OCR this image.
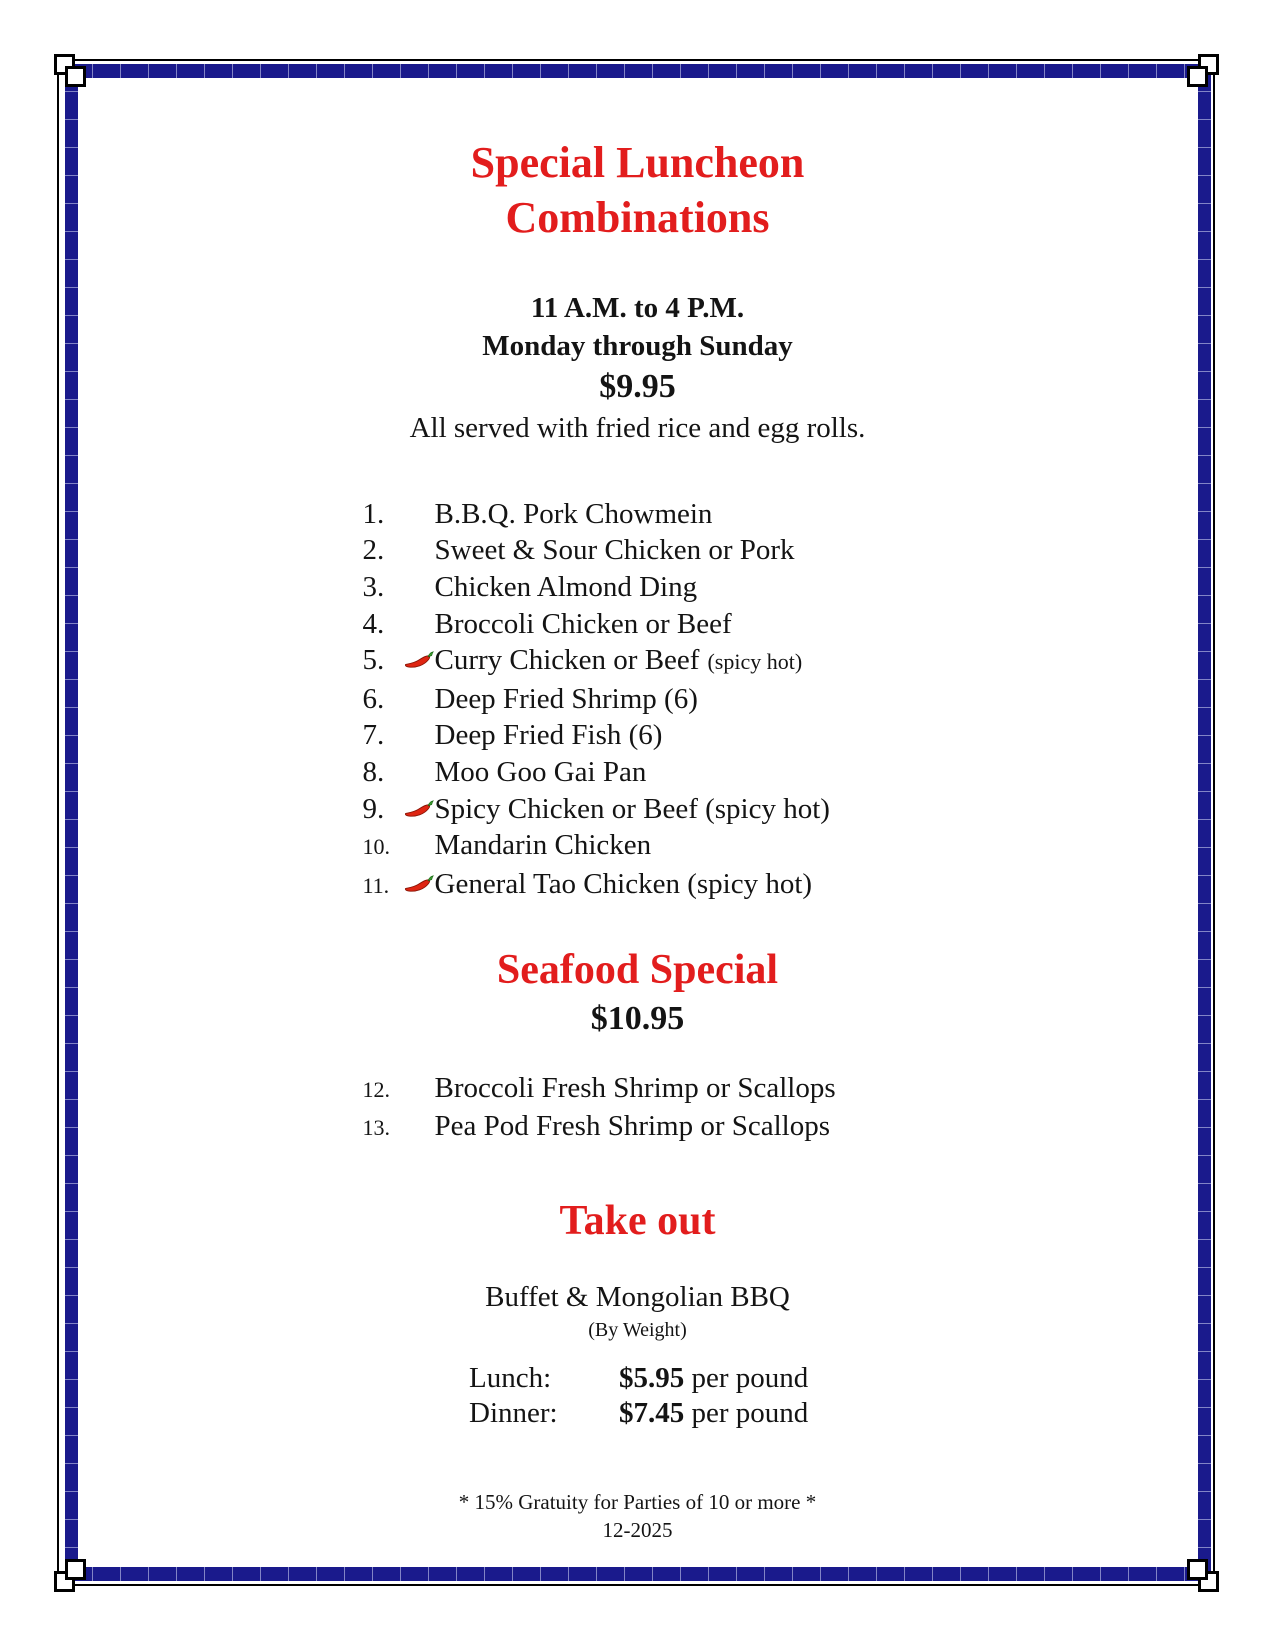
Special Luncheon
Combinations
11 A.M. to 4 P.M.
Monday through Sunday
$9.95
All served with fried rice and egg rolls.
1.	B.B.Q. Pork Chowmein
2.	Sweet & Sour Chicken or Pork
3.	Chicken Almond Ding
4.	Broccoli Chicken or Beef
5.	Curry Chicken or Beef (spicy hot)
6.	Deep Fried Shrimp (6)
7.	Deep Fried Fish (6)
8.	Moo Goo Gai Pan
9.	Spicy Chicken or Beef (spicy hot)
10.	Mandarin Chicken
11.	General Tao Chicken (spicy hot)
Seafood Special
$10.95
12.	Broccoli Fresh Shrimp or Scallops
13.	Pea Pod Fresh Shrimp or Scallops
Take out
Buffet & Mongolian BBQ
(By Weight)
Lunch:	$5.95 per pound
Dinner:	$7.45 per pound
* 15% Gratuity for Parties of 10 or more *
12-2025
